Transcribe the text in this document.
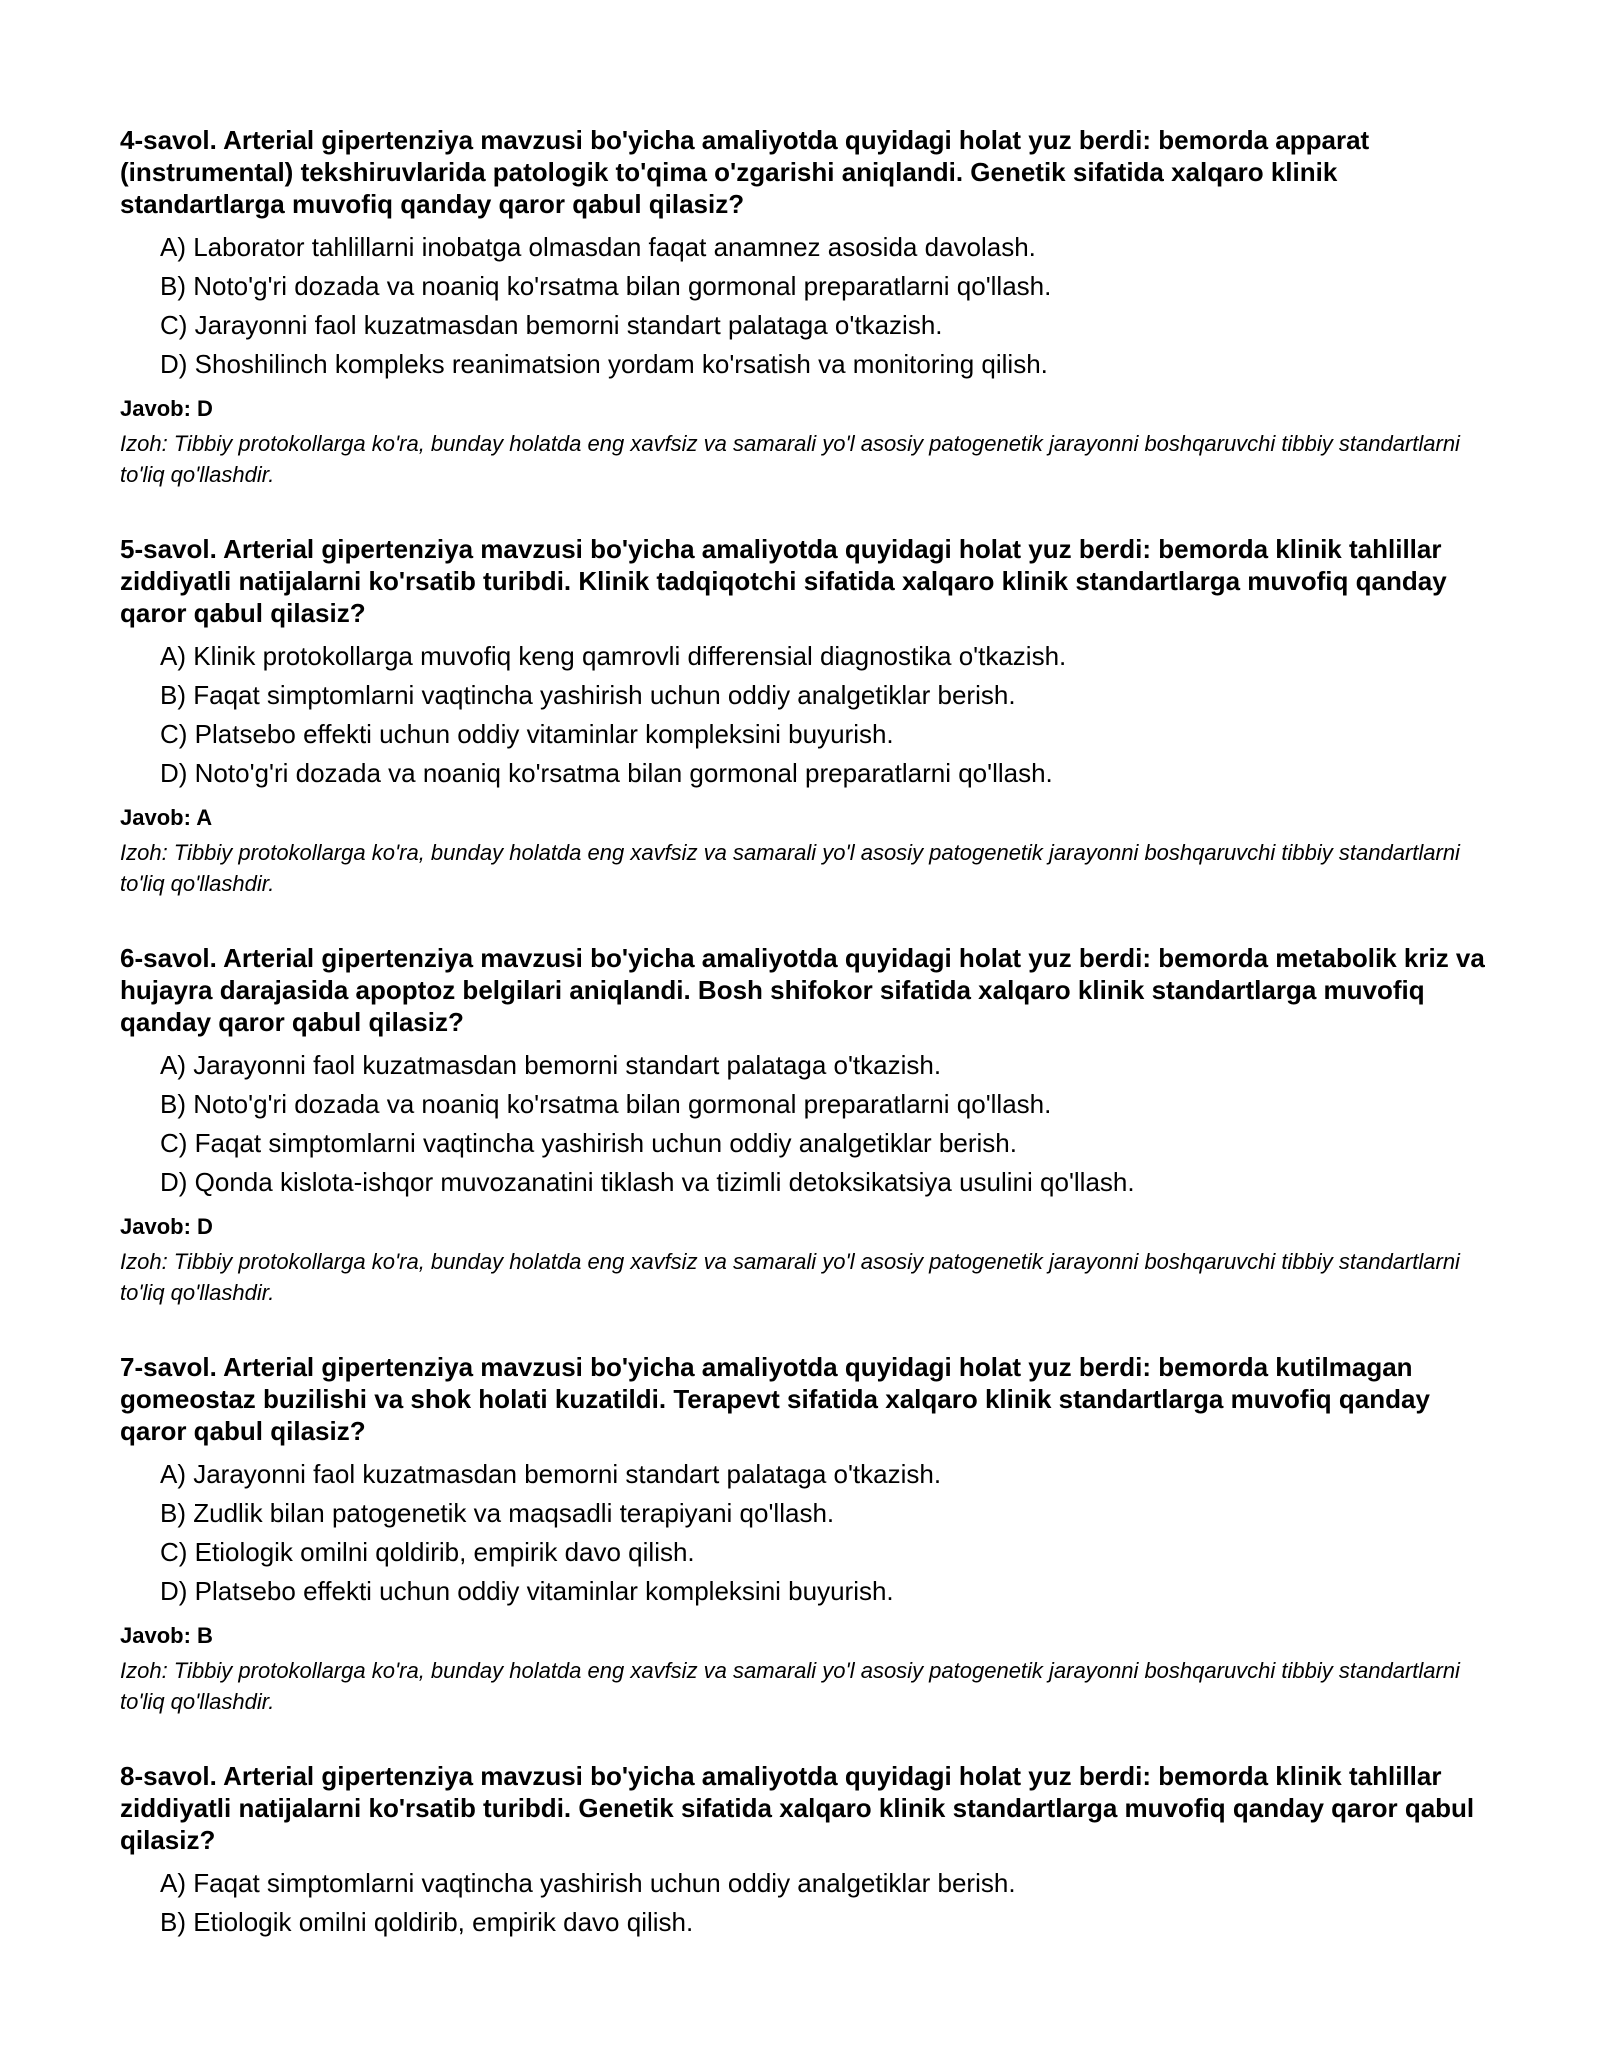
4-savol. Arterial gipertenziya mavzusi bo'yicha amaliyotda quyidagi holat yuz berdi: bemorda apparat (instrumental) tekshiruvlarida patologik to'qima o'zgarishi aniqlandi. Genetik sifatida xalqaro klinik standartlarga muvofiq qanday qaror qabul qilasiz?
A) Laborator tahlillarni inobatga olmasdan faqat anamnez asosida davolash.
B) Noto'g'ri dozada va noaniq ko'rsatma bilan gormonal preparatlarni qo'llash.
C) Jarayonni faol kuzatmasdan bemorni standart palataga o'tkazish.
D) Shoshilinch kompleks reanimatsion yordam ko'rsatish va monitoring qilish.
Javob: D

Izoh: Tibbiy protokollarga ko'ra, bunday holatda eng xavfsiz va samarali yo'l asosiy patogenetik jarayonni boshqaruvchi tibbiy standartlarni to'liq qo'llashdir.

5-savol. Arterial gipertenziya mavzusi bo'yicha amaliyotda quyidagi holat yuz berdi: bemorda klinik tahlillar ziddiyatli natijalarni ko'rsatib turibdi. Klinik tadqiqotchi sifatida xalqaro klinik standartlarga muvofiq qanday qaror qabul qilasiz?
A) Klinik protokollarga muvofiq keng qamrovli differensial diagnostika o'tkazish.
B) Faqat simptomlarni vaqtincha yashirish uchun oddiy analgetiklar berish.
C) Platsebo effekti uchun oddiy vitaminlar kompleksini buyurish.
D) Noto'g'ri dozada va noaniq ko'rsatma bilan gormonal preparatlarni qo'llash.
Javob: A

Izoh: Tibbiy protokollarga ko'ra, bunday holatda eng xavfsiz va samarali yo'l asosiy patogenetik jarayonni boshqaruvchi tibbiy standartlarni to'liq qo'llashdir.

6-savol. Arterial gipertenziya mavzusi bo'yicha amaliyotda quyidagi holat yuz berdi: bemorda metabolik kriz va hujayra darajasida apoptoz belgilari aniqlandi. Bosh shifokor sifatida xalqaro klinik standartlarga muvofiq qanday qaror qabul qilasiz?
A) Jarayonni faol kuzatmasdan bemorni standart palataga o'tkazish.
B) Noto'g'ri dozada va noaniq ko'rsatma bilan gormonal preparatlarni qo'llash.
C) Faqat simptomlarni vaqtincha yashirish uchun oddiy analgetiklar berish.
D) Qonda kislota-ishqor muvozanatini tiklash va tizimli detoksikatsiya usulini qo'llash.
Javob: D

Izoh: Tibbiy protokollarga ko'ra, bunday holatda eng xavfsiz va samarali yo'l asosiy patogenetik jarayonni boshqaruvchi tibbiy standartlarni to'liq qo'llashdir.

7-savol. Arterial gipertenziya mavzusi bo'yicha amaliyotda quyidagi holat yuz berdi: bemorda kutilmagan gomeostaz buzilishi va shok holati kuzatildi. Terapevt sifatida xalqaro klinik standartlarga muvofiq qanday qaror qabul qilasiz?
A) Jarayonni faol kuzatmasdan bemorni standart palataga o'tkazish.
B) Zudlik bilan patogenetik va maqsadli terapiyani qo'llash.
C) Etiologik omilni qoldirib, empirik davo qilish.
D) Platsebo effekti uchun oddiy vitaminlar kompleksini buyurish.
Javob: B

Izoh: Tibbiy protokollarga ko'ra, bunday holatda eng xavfsiz va samarali yo'l asosiy patogenetik jarayonni boshqaruvchi tibbiy standartlarni to'liq qo'llashdir.

8-savol. Arterial gipertenziya mavzusi bo'yicha amaliyotda quyidagi holat yuz berdi: bemorda klinik tahlillar ziddiyatli natijalarni ko'rsatib turibdi. Genetik sifatida xalqaro klinik standartlarga muvofiq qanday qaror qabul qilasiz?
A) Faqat simptomlarni vaqtincha yashirish uchun oddiy analgetiklar berish.
B) Etiologik omilni qoldirib, empirik davo qilish.
